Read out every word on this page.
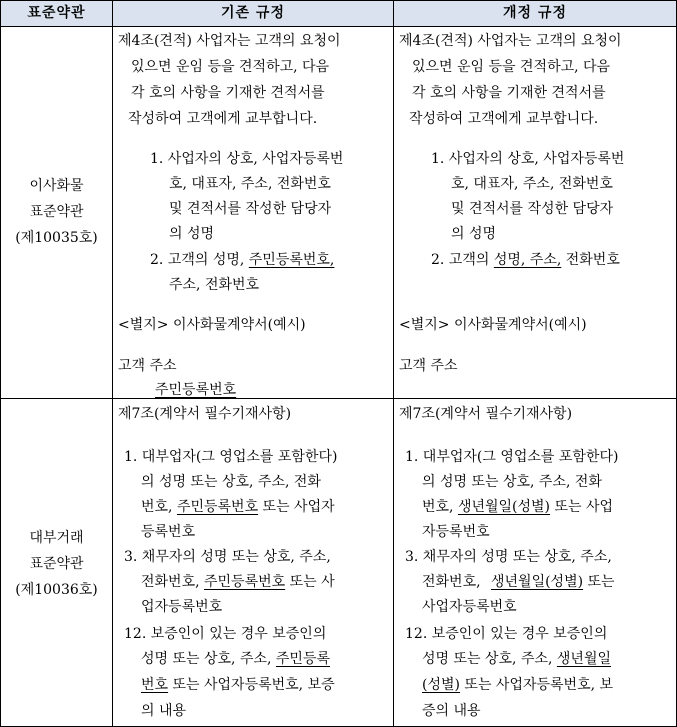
표준약관	기존 규정	개정 규정
이사화물
표준약관
(제10035호)
제4조(견적) 사업자는 고객의 요청이
있으면 운임 등을 견적하고, 다음
각 호의 사항을 기재한 견적서를
작성하여 고객에게 교부합니다.
1. 사업자의 상호, 사업자등록번
호, 대표자, 주소, 전화번호
및 견적서를 작성한 담당자
의 성명
2. 고객의 성명, 주민등록번호,
주소, 전화번호
<별지> 이사화물계약서(예시)
고객 주소
주민등록번호
제4조(견적) 사업자는 고객의 요청이
있으면 운임 등을 견적하고, 다음
각 호의 사항을 기재한 견적서를
작성하여 고객에게 교부합니다.
1. 사업자의 상호, 사업자등록번
호, 대표자, 주소, 전화번호
및 견적서를 작성한 담당자
의 성명
2. 고객의 성명, 주소, 전화번호
<별지> 이사화물계약서(예시)
고객 주소
대부거래
표준약관
(제10036호)
제7조(계약서 필수기재사항)
1. 대부업자(그 영업소를 포함한다)
의 성명 또는 상호, 주소, 전화
번호, 주민등록번호 또는 사업자
등록번호
3. 채무자의 성명 또는 상호, 주소,
전화번호, 주민등록번호 또는 사
업자등록번호
12. 보증인이 있는 경우 보증인의
성명 또는 상호, 주소, 주민등록
번호 또는 사업자등록번호, 보증
의 내용
제7조(계약서 필수기재사항)
1. 대부업자(그 영업소를 포함한다)
의 성명 또는 상호, 주소, 전화
번호, 생년월일(성별) 또는 사업
자등록번호
3. 채무자의 성명 또는 상호, 주소,
전화번호, 생년월일(성별) 또는
사업자등록번호
12. 보증인이 있는 경우 보증인의
성명 또는 상호, 주소, 생년월일
(성별) 또는 사업자등록번호, 보
증의 내용
